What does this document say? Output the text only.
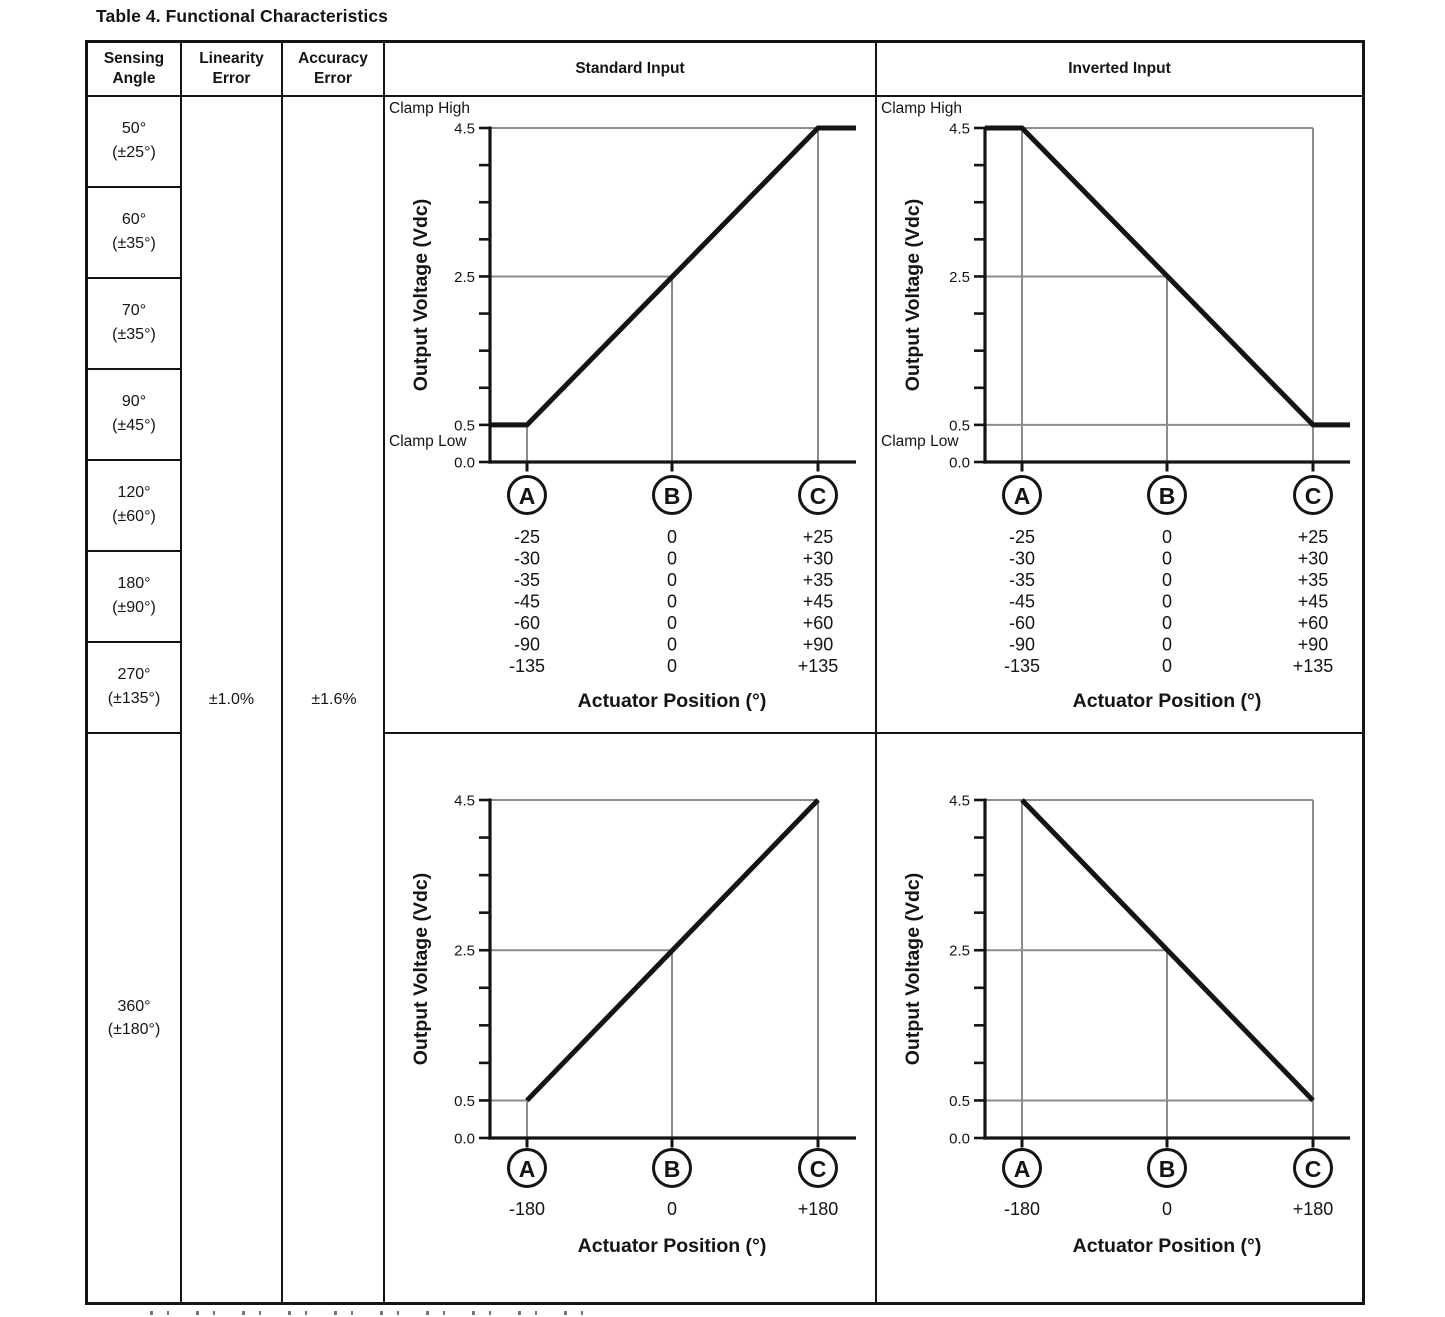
Table 4. Functional Characteristics
Sensing
Angle
Linearity
Error
Accuracy
Error
Standard Input	Inverted Input
50°
(±25°)
60°
(±35°)
70°
(±35°)
90°
(±45°)
120°
(±60°)
180°
(±90°)
270°
(±135°)
360°
(±180°)
±1.0%	±1.6%
4.5
2.5
0.5
0.0
A
-25
-30
-35
-45
-60
-90
-135
B
0
0
0
0
0
0
0
C
+25
+30
+35
+45
+60
+90
+135
Actuator Position (°)
Output Voltage (Vdc)
Clamp High
Clamp Low
4.5
2.5
0.5
0.0
A
-25
-30
-35
-45
-60
-90
-135
B
0
0
0
0
0
0
0
C
+25
+30
+35
+45
+60
+90
+135
Actuator Position (°)
Output Voltage (Vdc)
Clamp High
Clamp Low
4.5
2.5
0.5
0.0
A
-180
B
0
C
+180
Actuator Position (°)
Output Voltage (Vdc)
4.5
2.5
0.5
0.0
A
-180
B
0
C
+180
Actuator Position (°)
Output Voltage (Vdc)
